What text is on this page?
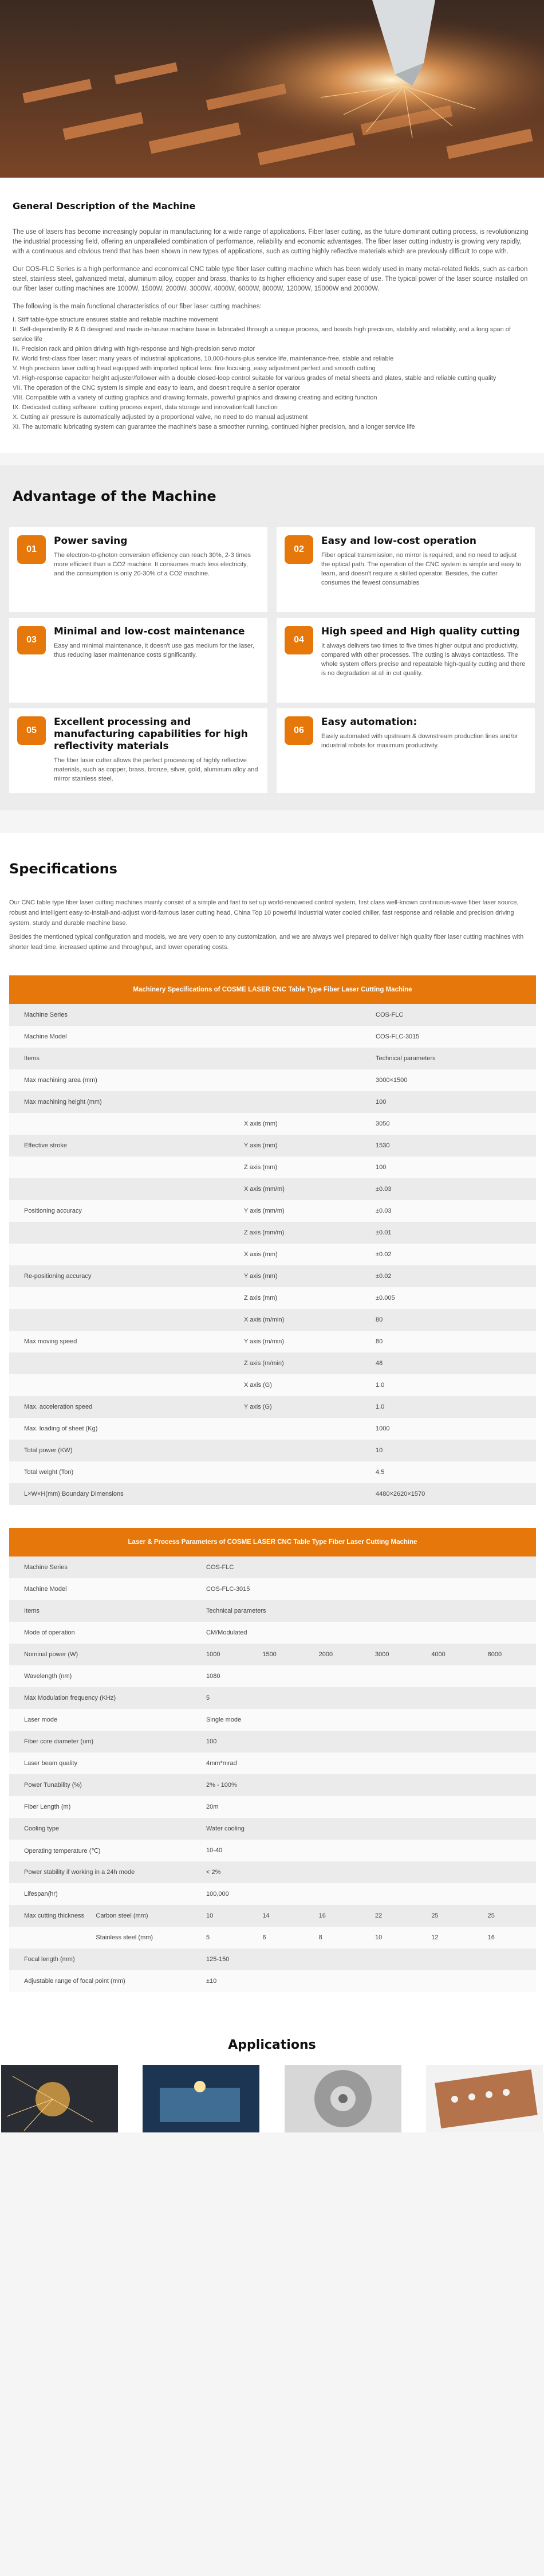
General Description of the Machine

The use of lasers has become increasingly popular in manufacturing for a wide range of applications. Fiber laser cutting, as the future dominant cutting process, is revolutionizing the industrial processing field, offering an unparalleled combination of performance, reliability and economic advantages. The fiber laser cutting industry is growing very rapidly, with a continuous and obvious trend that has been shown in new types of applications, such as cutting highly reflective materials which are previously difficult to cope with.

Our COS-FLC Series is a high performance and economical CNC table type fiber laser cutting machine which has been widely used in many metal-related fields, such as carbon steel, stainless steel, galvanized metal, aluminum alloy, copper and brass, thanks to its higher efficiency and super ease of use. The typical power of the laser source installed on our fiber laser cutting machines are 1000W, 1500W, 2000W, 3000W, 4000W, 6000W, 8000W, 12000W, 15000W and 20000W.

The following is the main functional characteristics of our fiber laser cutting machines:

I. Stiff table-type structure ensures stable and reliable machine movement

II. Self-dependently R & D designed and made in-house machine base is fabricated through a unique process, and boasts high precision, stability and reliability, and a long span of service life

III. Precision rack and pinion driving with high-response and high-precision servo motor

IV. World first-class fiber laser: many years of industrial applications, 10,000-hours-plus service life, maintenance-free, stable and reliable

V. High precision laser cutting head equipped with imported optical lens: fine focusing, easy adjustment perfect and smooth cutting

VI. High-response capacitor height adjuster/follower with a double closed-loop control suitable for various grades of metal sheets and plates, stable and reliable cutting quality

VII. The operation of the CNC system is simple and easy to learn, and doesn't require a senior operator

VIII. Compatible with a variety of cutting graphics and drawing formats, powerful graphics and drawing creating and editing function

IX. Dedicated cutting software: cutting process expert, data storage and innovation/call function

X. Cutting air pressure is automatically adjusted by a proportional valve, no need to do manual adjustment

XI. The automatic lubricating system can guarantee the machine's base a smoother running, continued higher precision, and a longer service life

Advantage of the Machine
01
Power saving

The electron-to-photon conversion efficiency can reach 30%, 2-3 times more efficient than a CO2 machine. It consumes much less electricity, and the consumption is only 20-30% of a CO2 machine.

02
Easy and low-cost operation

Fiber optical transmission, no mirror is required, and no need to adjust the optical path. The operation of the CNC system is simple and easy to learn, and doesn't require a skilled operator. Besides, the cutter consumes the fewest consumables

03
Minimal and low-cost maintenance

Easy and minimal maintenance, it doesn't use gas medium for the laser, thus reducing laser maintenance costs significantly.

04
High speed and High quality cutting

It always delivers two times to five times higher output and productivity, compared with other processes. The cutting is always contactless. The whole system offers precise and repeatable high-quality cutting and there is no degradation at all in cut quality.

05
Excellent processing and manufacturing capabilities for high reflectivity materials

The fiber laser cutter allows the perfect processing of highly reflective materials, such as copper, brass, bronze, silver, gold, aluminum alloy and mirror stainless steel.

06
Easy automation:

Easily automated with upstream & downstream production lines and/or industrial robots for maximum productivity.

Specifications

Our CNC table type fiber laser cutting machines mainly consist of a simple and fast to set up world-renowned control system, first class well-known continuous-wave fiber laser source, robust and intelligent easy-to-install-and-adjust world-famous laser cutting head, China Top 10 powerful industrial water cooled chiller, fast response and reliable and precision driving system, sturdy and durable machine base.

Besides the mentioned typical configuration and models, we are very open to any customization, and we are always well prepared to deliver high quality fiber laser cutting machines with shorter lead time, increased uptime and throughput, and lower operating costs.

Machinery Specifications of COSME LASER CNC Table Type Fiber Laser Cutting Machine		
Machine Series		COS-FLC
Machine Model		COS-FLC-3015
Items		Technical parameters
Max machining area (mm)		3000×1500
Max machining height (mm)		100
	X axis (mm)	3050
Effective stroke	Y axis (mm)	1530
	Z axis (mm)	100
	X axis (mm/m)	±0.03
Positioning accuracy	Y axis (mm/m)	±0.03
	Z axis (mm/m)	±0.01
	X axis (mm)	±0.02
Re-positioning accuracy	Y axis (mm)	±0.02
	Z axis (mm)	±0.005
	X axis (m/min)	80
Max moving speed	Y axis (m/min)	80
	Z axis (m/min)	48
	X axis (G)	1.0
Max. acceleration speed	Y axis (G)	1.0
Max. loading of sheet (Kg)		1000
Total power (KW)		10
Total weight (Ton)		4.5
L×W×H(mm) Boundary Dimensions		4480×2620×1570
Laser & Process Parameters of COSME LASER CNC Table Type Fiber Laser Cutting Machine							
Machine Series		COS-FLC					
Machine Model		COS-FLC-3015					
Items		Technical parameters					
Mode of operation		CM/Modulated					
Nominal power (W)		1000	1500	2000	3000	4000	6000
Wavelength (nm)		1080					
Max Modulation frequency (KHz)		5					
Laser mode		Single mode					
Fiber core diameter (um)		100					
Laser beam quality		4mm*mrad					
Power Tunability (%)		2% - 100%					
Fiber Length (m)		20m					
Cooling type		Water cooling					
Operating temperature (℃)		10-40					
Power stability if working in a 24h mode		< 2%					
Lifespan(hr)		100,000					
Max cutting thickness	Carbon steel (mm)	10	14	16	22	25	25
	Stainless steel (mm)	5	6	8	10	12	16
Focal length (mm)		125-150					
Adjustable range of focal point (mm)		±10					
Applications
